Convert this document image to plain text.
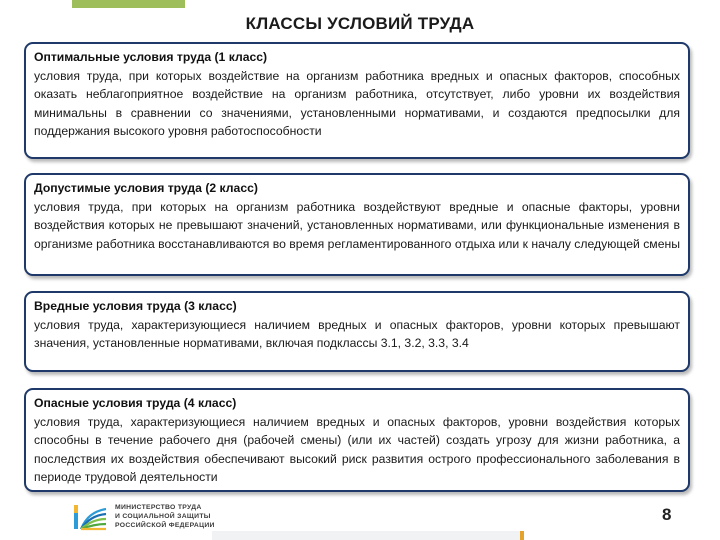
КЛАССЫ УСЛОВИЙ ТРУДА
Оптимальные условия труда (1 класс)
условия труда, при которых воздействие на организм работника вредных и опасных факторов, способных оказать неблагоприятное воздействие на организм работника, отсутствует, либо уровни их воздействия минимальны в сравнении со значениями, установленными нормативами, и создаются предпосылки для поддержания высокого уровня работоспособности
Допустимые условия труда (2 класс)
условия труда, при которых на организм работника воздействуют вредные и опасные факторы, уровни воздействия которых не превышают значений, установленных нормативами, или функциональные изменения в организме работника восстанавливаются во время регламентированного отдыха или к началу следующей смены
Вредные условия труда (3 класс)
условия труда, характеризующиеся наличием вредных и опасных факторов, уровни которых превышают значения, установленные нормативами, включая подклассы 3.1, 3.2, 3.3, 3.4
Опасные условия труда (4 класс)
условия труда, характеризующиеся наличием вредных и опасных факторов, уровни воздействия которых способны в течение рабочего дня (рабочей смены) (или их частей) создать угрозу для жизни работника, а последствия их воздействия обеспечивают высокий риск развития острого профессионального заболевания в периоде трудовой деятельности
МИНИСТЕРСТВО ТРУДА
И СОЦИАЛЬНОЙ ЗАЩИТЫ
РОССИЙСКОЙ ФЕДЕРАЦИИ
8
